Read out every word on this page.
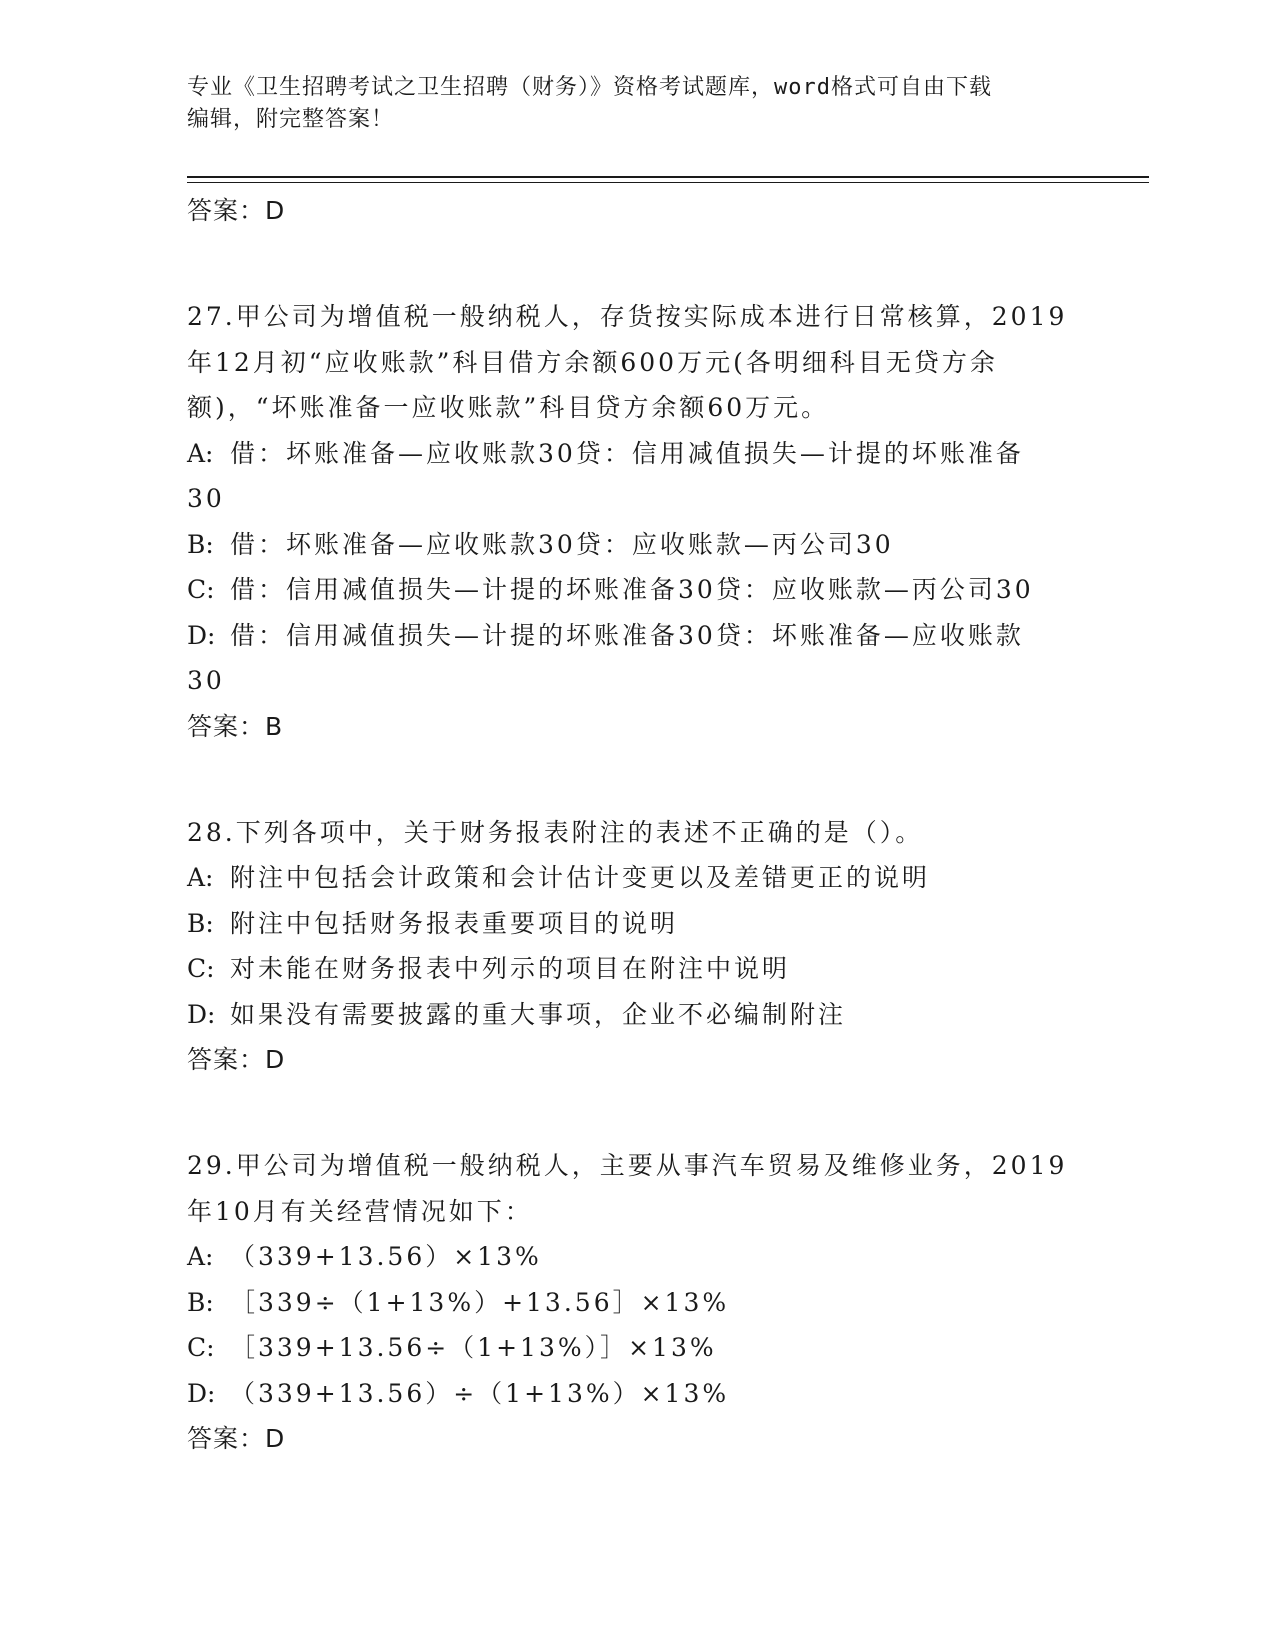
专业《卫生招聘考试之卫生招聘（财务）》资格考试题库，word格式可自由下载
编辑，附完整答案！
答案：D
27.甲公司为增值税一般纳税人，存货按实际成本进行日常核算，2019
年12月初“应收账款”科目借方余额600万元(各明细科目无贷方余
额)，“坏账准备一应收账款”科目贷方余额60万元。
A: 借：坏账准备—应收账款30贷：信用减值损失—计提的坏账准备
30
B: 借：坏账准备—应收账款30贷：应收账款—丙公司30
C: 借：信用减值损失—计提的坏账准备30贷：应收账款—丙公司30
D: 借：信用减值损失—计提的坏账准备30贷：坏账准备—应收账款
30
答案：B
28.下列各项中，关于财务报表附注的表述不正确的是（）。
A: 附注中包括会计政策和会计估计变更以及差错更正的说明
B: 附注中包括财务报表重要项目的说明
C: 对未能在财务报表中列示的项目在附注中说明
D: 如果没有需要披露的重大事项，企业不必编制附注
答案：D
29.甲公司为增值税一般纳税人，主要从事汽车贸易及维修业务，2019
年10月有关经营情况如下：
A: （339+13.56）×13%
B: ［339÷（1+13%）+13.56］×13%
C: ［339+13.56÷（1+13%）］×13%
D: （339+13.56）÷（1+13%）×13%
答案：D
